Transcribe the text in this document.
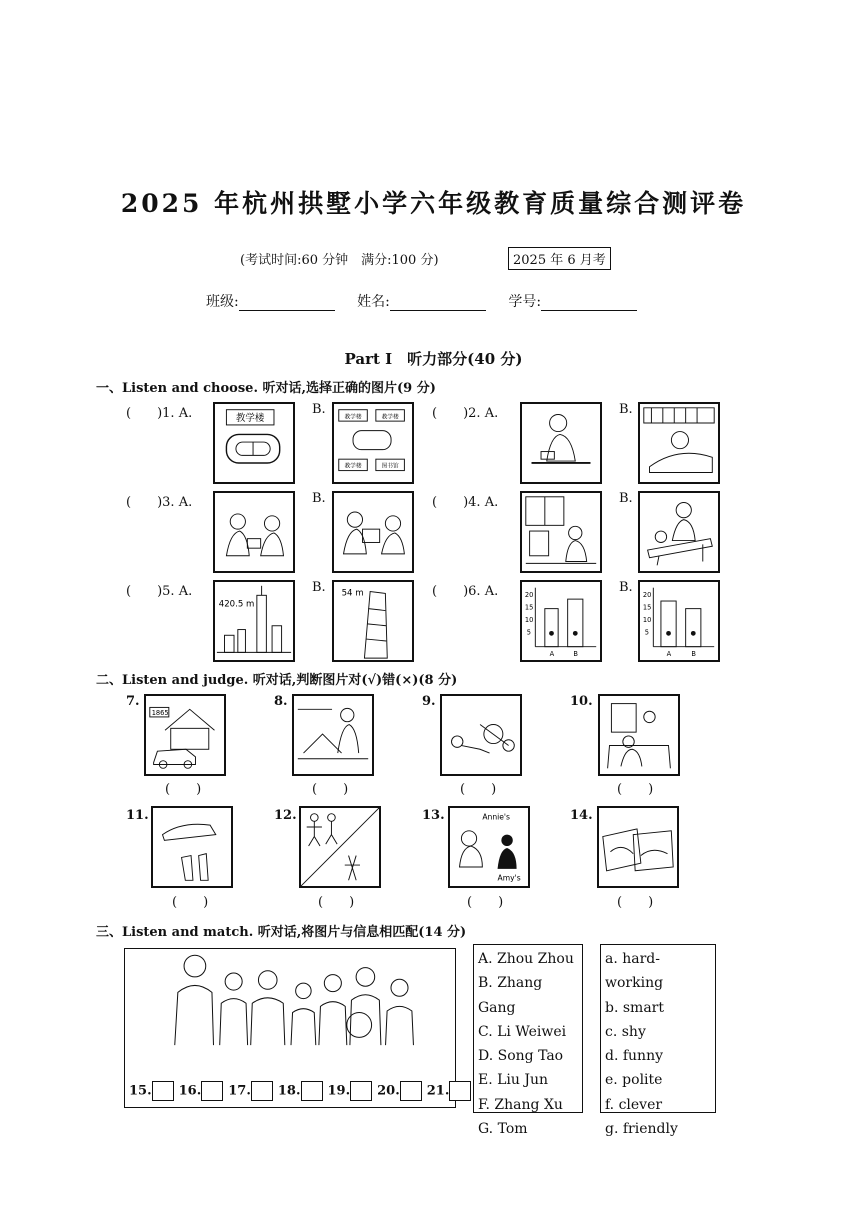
2025 年杭州拱墅小学六年级教育质量综合测评卷
(考试时间:60 分钟　满分:100 分)	2025 年 6 月考
班级:	姓名:	学号:
Part Ⅰ　听力部分(40 分)
一、Listen and choose. 听对话,选择正确的图片(9 分)
(　　)1. A.	教学楼
B.
教学楼	教学楼
教学楼	图书馆
(　　)2. A.	B.
(　　)3. A.	B.	(　　)4. A.	B.
(　　)5. A.
420.5 m
B. 54 m	(　　)6. A.	20
15
10
5
A	B
B.
20
15
10
5
A	B
二、Listen and judge. 听对话,判断图片对(√)错(×)(8 分)
7.
1865
(　　)
8.
(　　)
9.
(　　)
10.
(　　)
11.
(　　)
12.
(　　)
13.	Annie's
Amy's
(　　)
14.
(　　)
三、Listen and match. 听对话,将图片与信息相匹配(14 分)
15. 16. 17. 18. 19. 20. 21.
A. Zhou Zhou
B. Zhang Gang
C. Li Weiwei
D. Song Tao
E. Liu Jun
F. Zhang Xu
G. Tom
a. hard-working
b. smart
c. shy
d. funny
e. polite
f. clever
g. friendly
